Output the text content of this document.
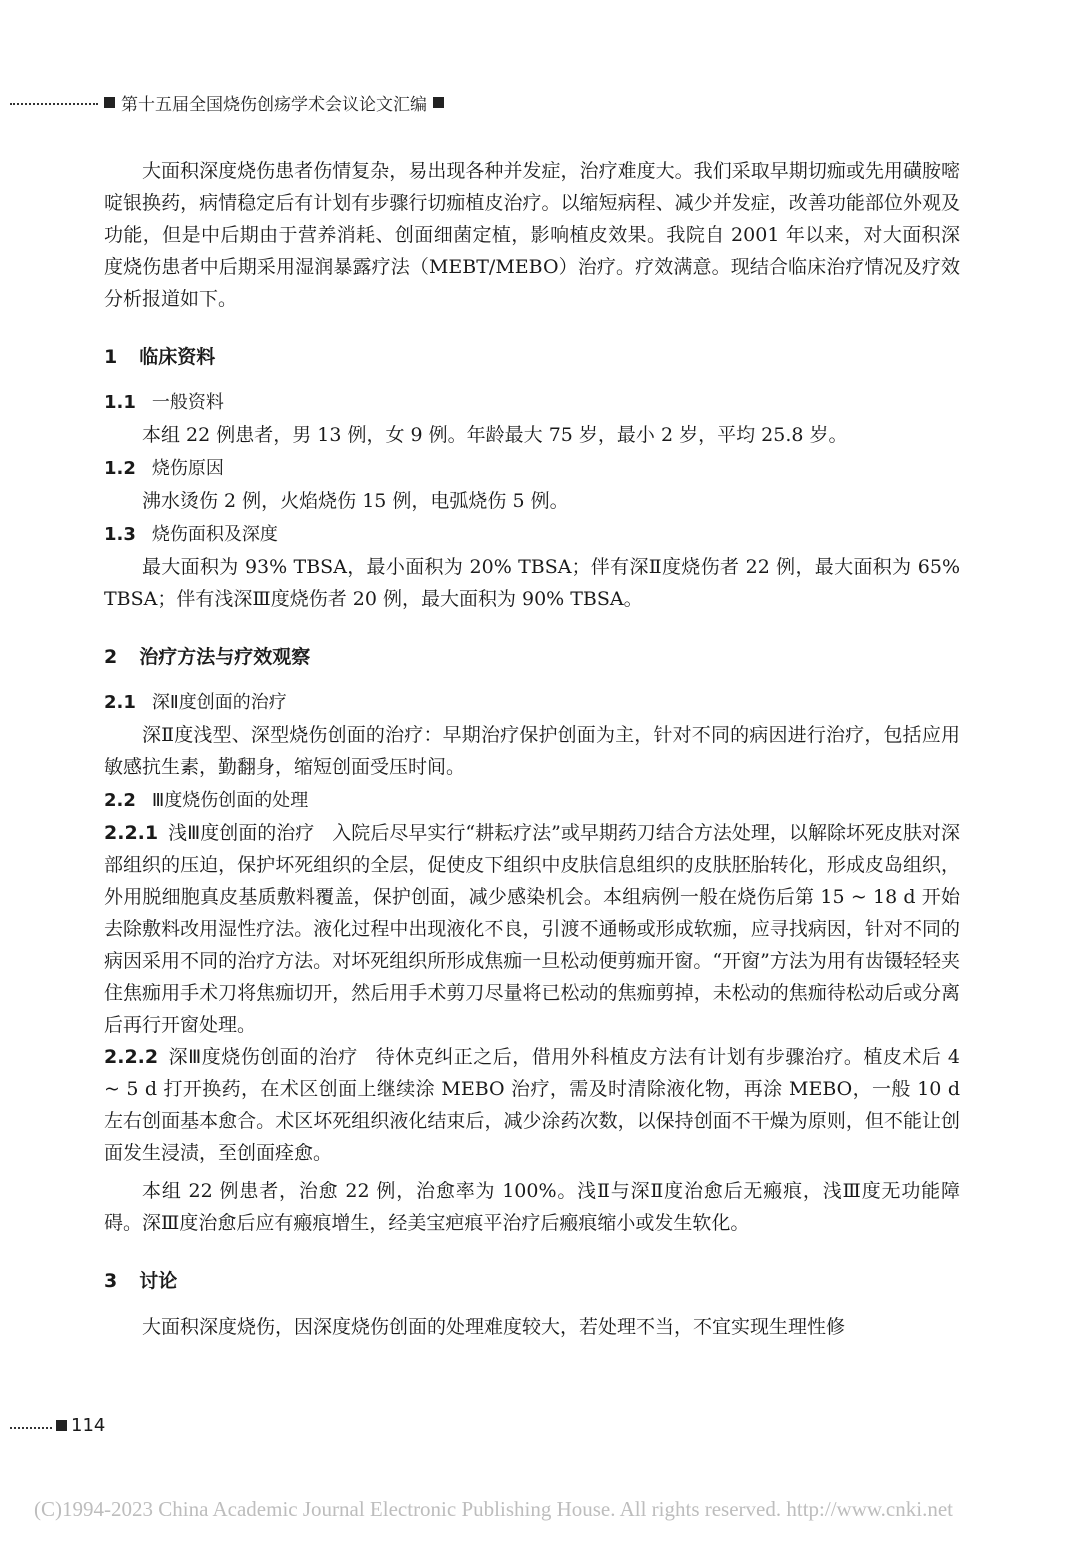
第十五届全国烧伤创疡学术会议论文汇编

大面积深度烧伤患者伤情复杂，易出现各种并发症，治疗难度大。我们采取早期切痂或先用磺胺嘧啶银换药，病情稳定后有计划有步骤行切痂植皮治疗。以缩短病程、减少并发症，改善功能部位外观及功能，但是中后期由于营养消耗、创面细菌定植，影响植皮效果。我院自 2001 年以来，对大面积深度烧伤患者中后期采用湿润暴露疗法（MEBT/MEBO）治疗。疗效满意。现结合临床治疗情况及疗效分析报道如下。

1 临床资料
1.1 一般资料

本组 22 例患者，男 13 例，女 9 例。年龄最大 75 岁，最小 2 岁，平均 25.8 岁。

1.2 烧伤原因

沸水烫伤 2 例，火焰烧伤 15 例，电弧烧伤 5 例。

1.3 烧伤面积及深度

最大面积为 93% TBSA，最小面积为 20% TBSA；伴有深Ⅱ度烧伤者 22 例，最大面积为 65% TBSA；伴有浅深Ⅲ度烧伤者 20 例，最大面积为 90% TBSA。

2 治疗方法与疗效观察
2.1 深Ⅱ度创面的治疗

深Ⅱ度浅型、深型烧伤创面的治疗：早期治疗保护创面为主，针对不同的病因进行治疗，包括应用敏感抗生素，勤翻身，缩短创面受压时间。

2.2 Ⅲ度烧伤创面的处理

2.2.1 浅Ⅲ度创面的治疗 入院后尽早实行“耕耘疗法”或早期药刀结合方法处理，以解除坏死皮肤对深部组织的压迫，保护坏死组织的全层，促使皮下组织中皮肤信息组织的皮肤胚胎转化，形成皮岛组织，外用脱细胞真皮基质敷料覆盖，保护创面，减少感染机会。本组病例一般在烧伤后第 15 ~ 18 d 开始去除敷料改用湿性疗法。液化过程中出现液化不良，引渡不通畅或形成软痂，应寻找病因，针对不同的病因采用不同的治疗方法。对坏死组织所形成焦痂一旦松动便剪痂开窗。“开窗”方法为用有齿镊轻轻夹住焦痂用手术刀将焦痂切开，然后用手术剪刀尽量将已松动的焦痂剪掉，未松动的焦痂待松动后或分离后再行开窗处理。

2.2.2 深Ⅲ度烧伤创面的治疗 待休克纠正之后，借用外科植皮方法有计划有步骤治疗。植皮术后 4 ~ 5 d 打开换药，在术区创面上继续涂 MEBO 治疗，需及时清除液化物，再涂 MEBO，一般 10 d 左右创面基本愈合。术区坏死组织液化结束后，减少涂药次数，以保持创面不干燥为原则，但不能让创面发生浸渍，至创面痊愈。

本组 22 例患者，治愈 22 例，治愈率为 100%。浅Ⅱ与深Ⅱ度治愈后无瘢痕，浅Ⅲ度无功能障碍。深Ⅲ度治愈后应有瘢痕增生，经美宝疤痕平治疗后瘢痕缩小或发生软化。

3 讨论

大面积深度烧伤，因深度烧伤创面的处理难度较大，若处理不当，不宜实现生理性修

114
(C)1994-2023 China Academic Journal Electronic Publishing House. All rights reserved. http://www.cnki.net
